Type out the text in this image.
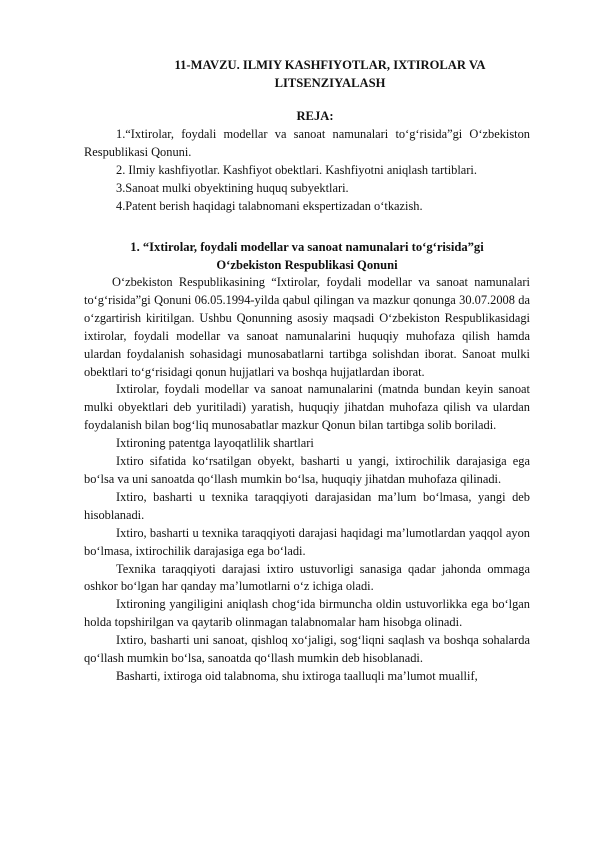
11-MAVZU. ILMIY KASHFIYOTLAR, IXTIROLAR VA
LITSENZIYALASH
REJA:
1.“Ixtirolar, foydali modellar va sanoat namunalari to‘g‘risida”gi O‘zbekiston Respublikasi Qonuni.
2. Ilmiy kashfiyotlar. Kashfiyot obektlari. Kashfiyotni aniqlash tartiblari.
3.Sanoat mulki obyektining huquq subyektlari.
4.Patent berish haqidagi talabnomani ekspertizadan o‘tkazish.
1. “Ixtirolar, foydali modellar va sanoat namunalari to‘g‘risida”gi
O‘zbekiston Respublikasi Qonuni

O‘zbekiston Respublikasining “Ixtirolar, foydali modellar va sanoat namunalari to‘g‘risida”gi Qonuni 06.05.1994-yilda qabul qilingan va mazkur qonunga 30.07.2008 da o‘zgartirish kiritilgan. Ushbu Qonunning asosiy maqsadi O‘zbekiston Respublikasidagi ixtirolar, foydali modellar va sanoat namunalarini huquqiy muhofaza qilish hamda ulardan foydalanish sohasidagi munosabatlarni tartibga solishdan iborat. Sanoat mulki obektlari to‘g‘risidagi qonun hujjatlari va boshqa hujjatlardan iborat.

Ixtirolar, foydali modellar va sanoat namunalarini (matnda bundan keyin sanoat mulki obyektlari deb yuritiladi) yaratish, huquqiy jihatdan muhofaza qilish va ulardan foydalanish bilan bog‘liq munosabatlar mazkur Qonun bilan tartibga solib boriladi.

Ixtironing patentga layoqatlilik shartlari

Ixtiro sifatida ko‘rsatilgan obyekt, basharti u yangi, ixtirochilik darajasiga ega bo‘lsa va uni sanoatda qo‘llash mumkin bo‘lsa, huquqiy jihatdan muhofaza qilinadi.

Ixtiro, basharti u texnika taraqqiyoti darajasidan ma’lum bo‘lmasa, yangi deb hisoblanadi.

Ixtiro, basharti u texnika taraqqiyoti darajasi haqidagi ma’lumotlardan yaqqol ayon bo‘lmasa, ixtirochilik darajasiga ega bo‘ladi.

Texnika taraqqiyoti darajasi ixtiro ustuvorligi sanasiga qadar jahonda ommaga oshkor bo‘lgan har qanday ma’lumotlarni o‘z ichiga oladi.

Ixtironing yangiligini aniqlash chog‘ida birmuncha oldin ustuvorlikka ega bo‘lgan holda topshirilgan va qaytarib olinmagan talabnomalar ham hisobga olinadi.

Ixtiro, basharti uni sanoat, qishloq xo‘jaligi, sog‘liqni saqlash va boshqa sohalarda qo‘llash mumkin bo‘lsa, sanoatda qo‘llash mumkin deb hisoblanadi.

Basharti, ixtiroga oid talabnoma, shu ixtiroga taalluqli ma’lumot muallif,
